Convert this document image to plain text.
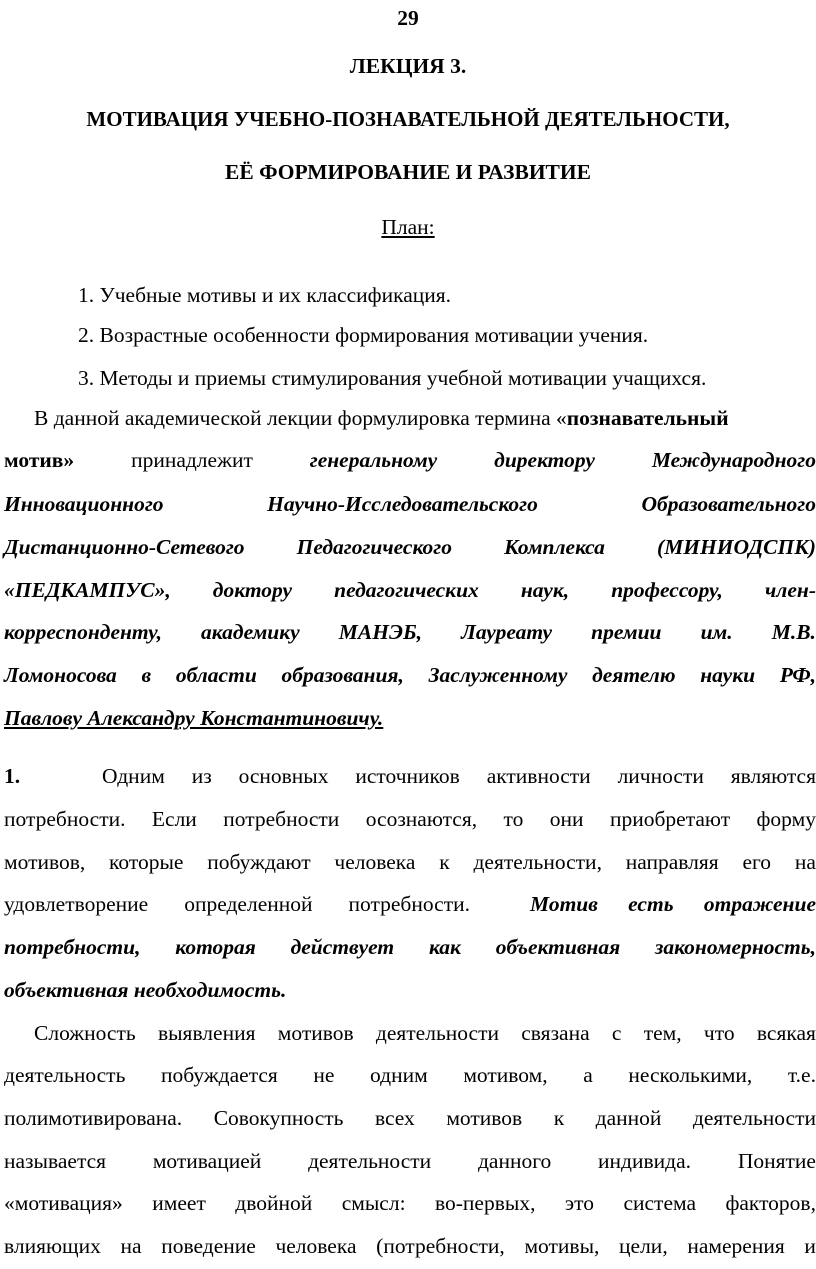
29
ЛЕКЦИЯ 3.
МОТИВАЦИЯ УЧЕБНО-ПОЗНАВАТЕЛЬНОЙ ДЕЯТЕЛЬНОСТИ,
ЕЁ ФОРМИРОВАНИЕ И РАЗВИТИЕ
План:
1. Учебные мотивы и их классификация.
2. Возрастные особенности формирования мотивации учения.
3. Методы и приемы стимулирования учебной мотивации учащихся.
В данной академической лекции формулировка термина «познавательный
мотив»	принадлежит	генеральному	директору	Международного
Инновационного	Научно-Исследовательского	Образовательного
Дистанционно-Сетевого Педагогического Комплекса (МИНИОДСПК)
«ПЕДКАМПУС», доктору педагогических наук, профессору, член-
корреспонденту, академику МАНЭБ, Лауреату премии им. М.В.
Ломоносова в области образования, Заслуженному деятелю науки РФ,
Павлову Александру Константиновичу.
1.	Одним из основных источников активности личности являются
потребности. Если потребности осознаются, то они приобретают форму
мотивов, которые побуждают человека к деятельности, направляя его на
удовлетворение определенной потребности.	Мотив есть отражение
потребности, которая действует как объективная закономерность,
объективная необходимость.
Сложность выявления мотивов деятельности связана с тем, что всякая
деятельность побуждается не одним мотивом, а несколькими, т.е.
полимотивирована. Совокупность всех мотивов к данной деятельности
называется мотивацией деятельности данного индивида. Понятие
«мотивация» имеет двойной смысл: во-первых, это система факторов,
влияющих на поведение человека (потребности, мотивы, цели, намерения и
